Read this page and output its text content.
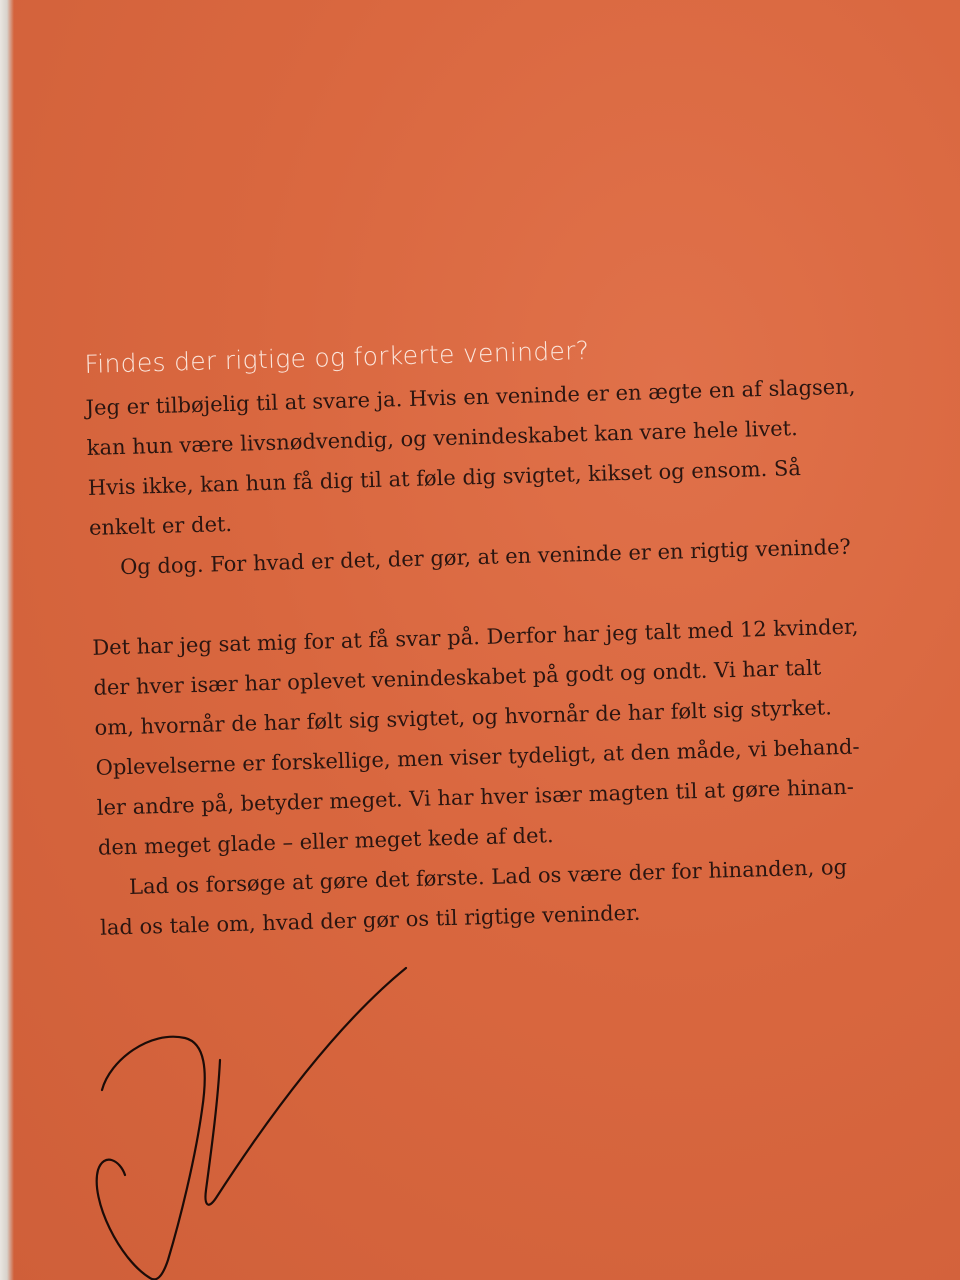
Findes der rigtige og forkerte veninder?
Jeg er tilbøjelig til at svare ja. Hvis en veninde er en ægte en af slagsen,
kan hun være livsnødvendig, og venindeskabet kan vare hele livet.
Hvis ikke, kan hun få dig til at føle dig svigtet, kikset og ensom. Så
enkelt er det.
Og dog. For hvad er det, der gør, at en veninde er en rigtig veninde?
Det har jeg sat mig for at få svar på. Derfor har jeg talt med 12 kvinder,
der hver især har oplevet venindeskabet på godt og ondt. Vi har talt
om, hvornår de har følt sig svigtet, og hvornår de har følt sig styrket.
Oplevelserne er forskellige, men viser tydeligt, at den måde, vi behand-
ler andre på, betyder meget. Vi har hver især magten til at gøre hinan-
den meget glade – eller meget kede af det.
Lad os forsøge at gøre det første. Lad os være der for hinanden, og
lad os tale om, hvad der gør os til rigtige veninder.
